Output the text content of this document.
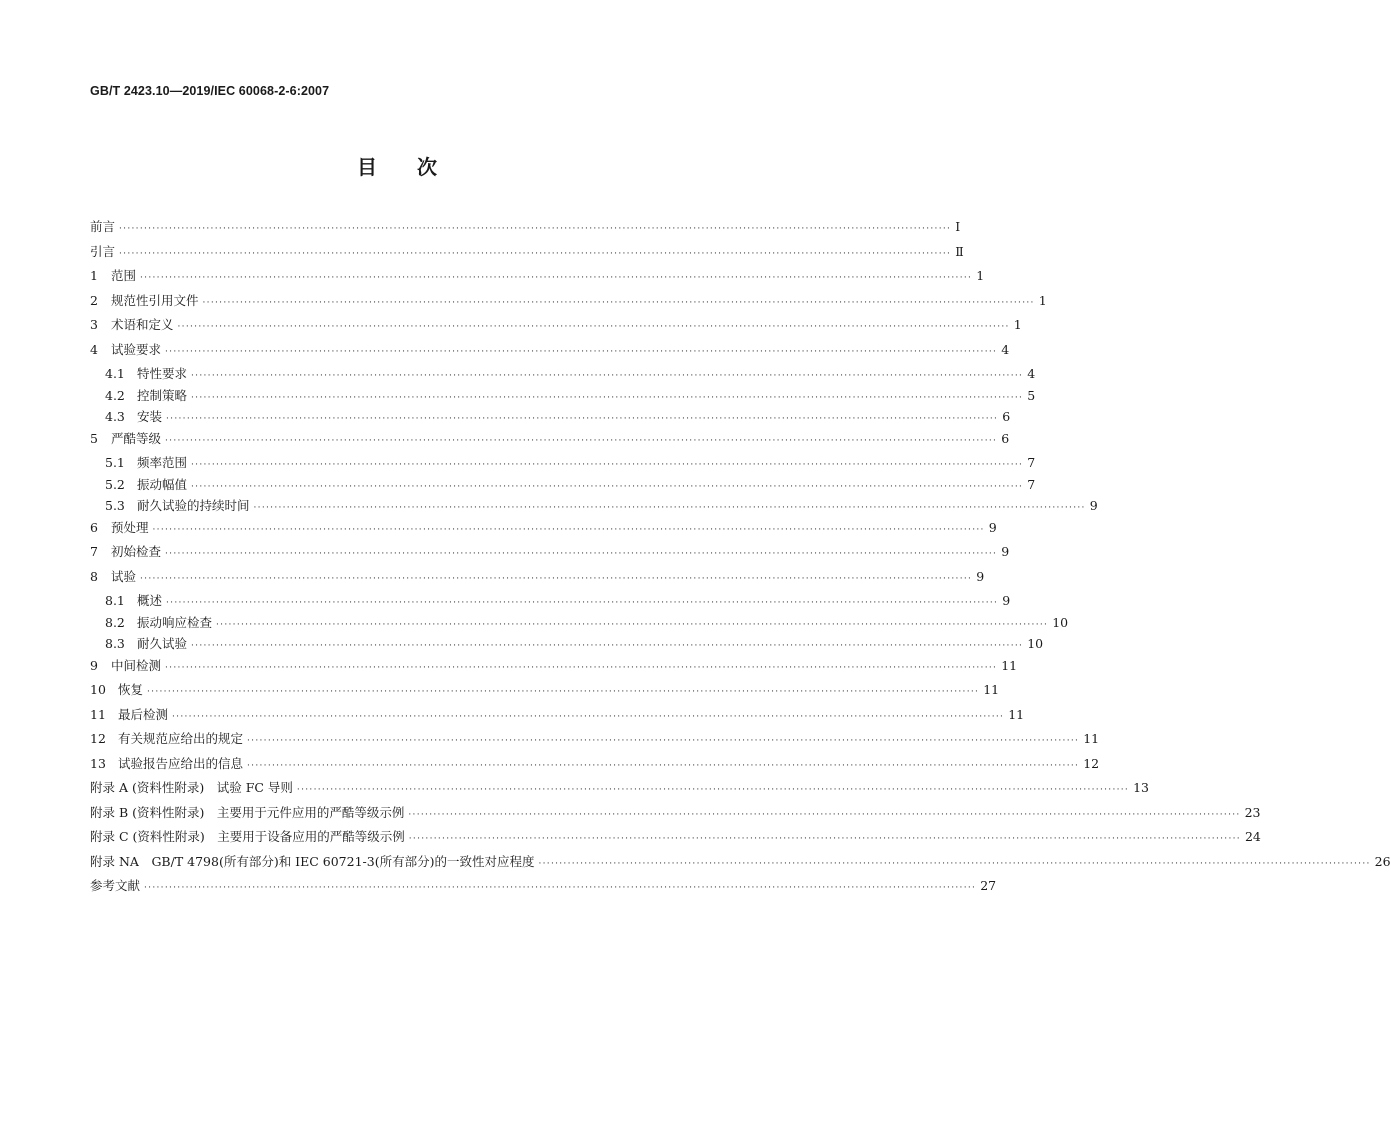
GB/T 2423.10—2019/IEC 60068-2-6:2007
目 次
前言 ········································································································································································································ Ⅰ
引言 ········································································································································································································ Ⅱ
1	范围 ········································································································································································································ 1
2	规范性引用文件 ········································································································································································································ 1
3	术语和定义 ········································································································································································································ 1
4	试验要求 ········································································································································································································ 4
4.1 特性要求 ········································································································································································································ 4
4.2 控制策略 ········································································································································································································ 5
4.3 安装 ········································································································································································································ 6
5	严酷等级 ········································································································································································································ 6
5.1 频率范围 ········································································································································································································ 7
5.2 振动幅值 ········································································································································································································ 7
5.3 耐久试验的持续时间 ········································································································································································································ 9
6	预处理 ········································································································································································································ 9
7	初始检查 ········································································································································································································ 9
8	试验 ········································································································································································································ 9
8.1 概述 ········································································································································································································ 9
8.2 振动响应检查 ········································································································································································································ 10
8.3 耐久试验 ········································································································································································································ 10
9	中间检测 ········································································································································································································ 11
10 恢复 ········································································································································································································ 11
11 最后检测 ········································································································································································································ 11
12 有关规范应给出的规定 ········································································································································································································ 11
13 试验报告应给出的信息 ········································································································································································································ 12
附录 A (资料性附录)　试验 FC 导则 ········································································································································································································ 13
附录 B (资料性附录)　主要用于元件应用的严酷等级示例 ········································································································································································································ 23
附录 C (资料性附录)　主要用于设备应用的严酷等级示例 ········································································································································································································ 24
附录 NA　GB/T 4798(所有部分)和 IEC 60721-3(所有部分)的一致性对应程度 ········································································································································································································ 26
参考文献 ········································································································································································································ 27
